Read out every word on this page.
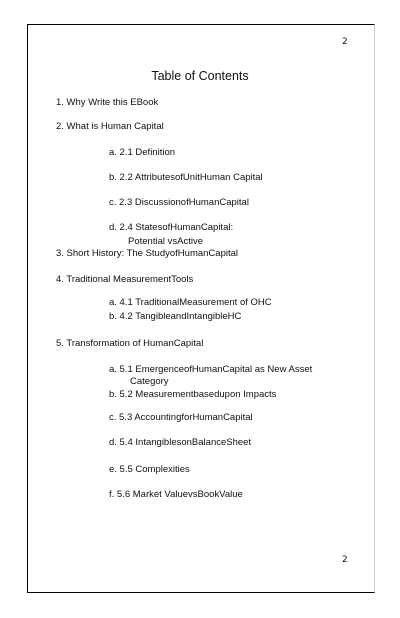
2
Table of Contents
1. Why Write this EBook
2. What is Human Capital
a. 2.1 Definition
b. 2.2 AttributesofUnitHuman Capital
c. 2.3 DiscussionofHumanCapital
d. 2.4 StatesofHumanCapital:
Potential vsActive
3. Short History: The StudyofHumanCapital
4. Traditional MeasurementTools
a. 4.1 TraditionalMeasurement of OHC
b. 4.2 TangibleandIntangibleHC
5. Transformation of HumanCapital
a. 5.1 EmergenceofHumanCapital as New Asset
Category
b. 5.2 Measurementbasedupon Impacts
c. 5.3 AccountingforHumanCapital
d. 5.4 IntangiblesonBalanceSheet
e. 5.5 Complexities
f. 5.6 Market ValuevsBookValue
2
